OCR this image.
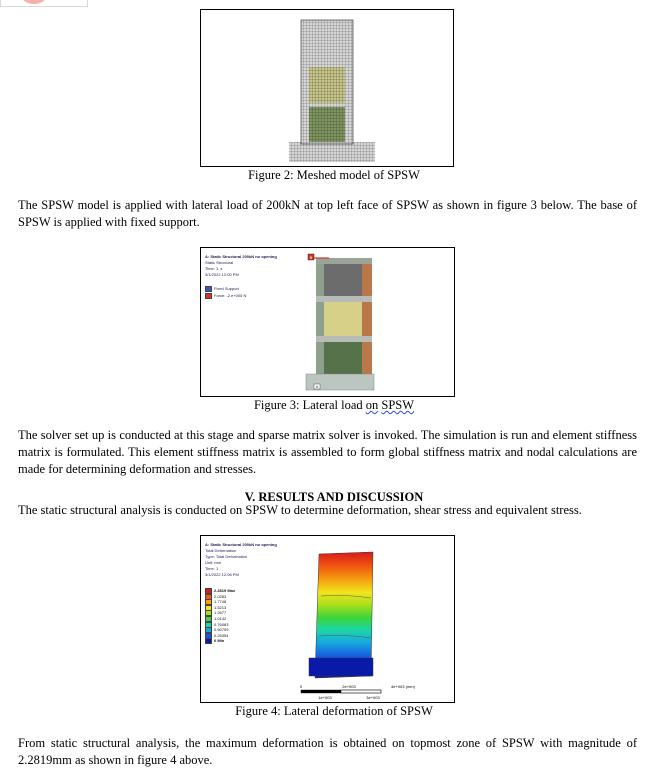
Figure 2: Meshed model of SPSW

The SPSW model is applied with lateral load of 200kN at top left face of SPSW as shown in figure 3 below. The base of SPSW is applied with fixed support.

A: Static Structural 200kN no opening
Static Structural
Time: 1. s
3/1/2022 12:00 PM
Fixed Support
Force: -2.e+005 N
B
A
Figure 3: Lateral load on SPSW

The solver set up is conducted at this stage and sparse matrix solver is invoked. The simulation is run and element stiffness matrix is formulated. This element stiffness matrix is assembled to form global stiffness matrix and nodal calculations are made for determining deformation and stresses.

V. RESULTS AND DISCUSSION

The static structural analysis is conducted on SPSW to determine deformation, shear stress and equivalent stress.

A: Static Structural 200kN no opening
Total Deformation
Type: Total Deformation
Unit: mm
Time: 1
3/1/2022 12:06 PM
2.2819 Max
2.0283
1.7748
1.5213
1.2677
1.0142
0.76063
0.50709
0.25354
0 Min
0	2e+003	4e+003 (mm)
1e+003	3e+003
Figure 4: Lateral deformation of SPSW

From static structural analysis, the maximum deformation is obtained on topmost zone of SPSW with magnitude of 2.2819mm as shown in figure 4 above.
